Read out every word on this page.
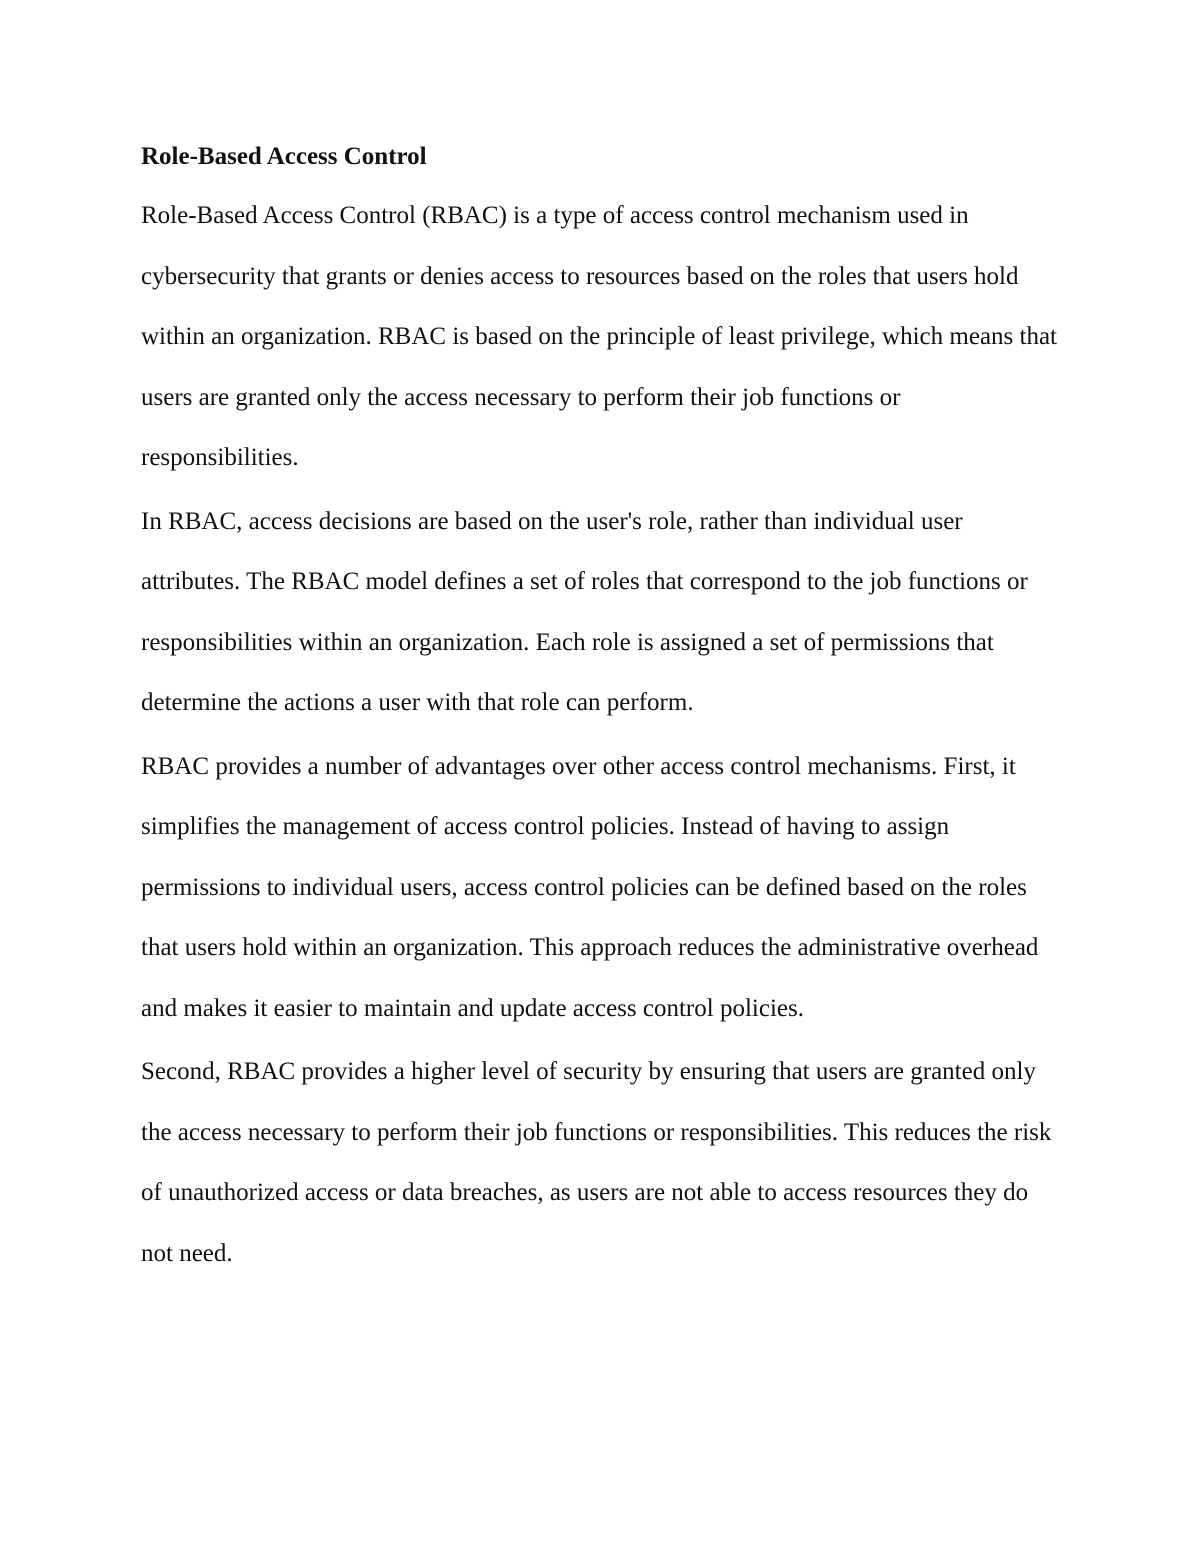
Role-Based Access Control

Role-Based Access Control (RBAC) is a type of access control mechanism used in cybersecurity that grants or denies access to resources based on the roles that users hold within an organization. RBAC is based on the principle of least privilege, which means that users are granted only the access necessary to perform their job functions or responsibilities.

In RBAC, access decisions are based on the user's role, rather than individual user attributes. The RBAC model defines a set of roles that correspond to the job functions or responsibilities within an organization. Each role is assigned a set of permissions that determine the actions a user with that role can perform.

RBAC provides a number of advantages over other access control mechanisms. First, it simplifies the management of access control policies. Instead of having to assign permissions to individual users, access control policies can be defined based on the roles that users hold within an organization. This approach reduces the administrative overhead and makes it easier to maintain and update access control policies.

Second, RBAC provides a higher level of security by ensuring that users are granted only the access necessary to perform their job functions or responsibilities. This reduces the risk of unauthorized access or data breaches, as users are not able to access resources they do not need.
